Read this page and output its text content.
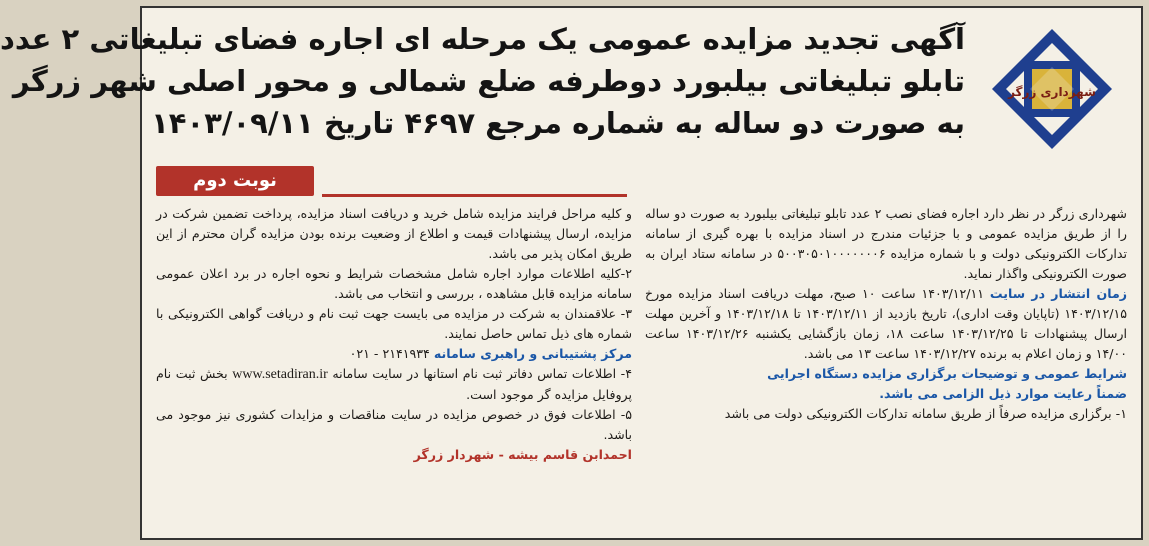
شهرداری زرگر
آگهی تجدید مزایده عمومی یک مرحله ای اجاره فضای تبلیغاتی ۲ عدد
تابلو تبلیغاتی بیلبورد دوطرفه ضلع شمالی و محور اصلی شهر زرگر
به صورت دو ساله به شماره مرجع ۴۶۹۷ تاریخ ۱۴۰۳/۰۹/۱۱
نوبت دوم

شهرداری زرگر در نظر دارد اجاره فضای نصب ۲ عدد تابلو تبلیغاتی بیلبورد به صورت دو ساله را از طریق مزایده عمومی و با جزئیات مندرج در اسناد مزایده با بهره گیری از سامانه تدارکات الکترونیکی دولت و با شماره مزایده ۵۰۰۳۰۵۰۱۰۰۰۰۰۰۰۶ در سامانه ستاد ایران به صورت الکترونیکی واگذار نماید.

زمان انتشار در سایت ۱۴۰۳/۱۲/۱۱ ساعت ۱۰ صبح، مهلت دریافت اسناد مزایده مورخ ۱۴۰۳/۱۲/۱۵ (تاپایان وقت اداری)، تاریخ بازدید از ۱۴۰۳/۱۲/۱۱ تا ۱۴۰۳/۱۲/۱۸ و آخرین مهلت ارسال پیشنهادات تا ۱۴۰۳/۱۲/۲۵ ساعت ۱۸، زمان بازگشایی یکشنبه ۱۴۰۳/۱۲/۲۶ ساعت ۱۴/۰۰ و زمان اعلام به برنده ۱۴۰۳/۱۲/۲۷ ساعت ۱۳ می باشد.

شرایط عمومی و توضیحات برگزاری مزایده دستگاه اجرایی

ضمناً رعایت موارد ذیل الزامی می باشد.

۱- برگزاری مزایده صرفاً از طریق سامانه تدارکات الکترونیکی دولت می باشد

و کلیه مراحل فرایند مزایده شامل خرید و دریافت اسناد مزایده، پرداخت تضمین شرکت در مزایده، ارسال پیشنهادات قیمت و اطلاع از وضعیت برنده بودن مزایده گران محترم از این طریق امکان پذیر می باشد.

۲-کلیه اطلاعات موارد اجاره شامل مشخصات شرایط و نحوه اجاره در برد اعلان عمومی سامانه مزایده قابل مشاهده ، بررسی و انتخاب می باشد.

۳- علاقمندان به شرکت در مزایده می بایست جهت ثبت نام و دریافت گواهی الکترونیکی با شماره های ذیل تماس حاصل نمایند.

مرکز پشتیبانی و راهبری سامانه ۲۱۴۱۹۳۴ - ۰۲۱

۴- اطلاعات تماس دفاتر ثبت نام استانها در سایت سامانه www.setadiran.ir بخش ثبت نام پروفایل مزایده گر موجود است.

۵- اطلاعات فوق در خصوص مزایده در سایت مناقصات و مزایدات کشوری نیز موجود می باشد.

احمدابن قاسم بیشه - شهردار زرگر
